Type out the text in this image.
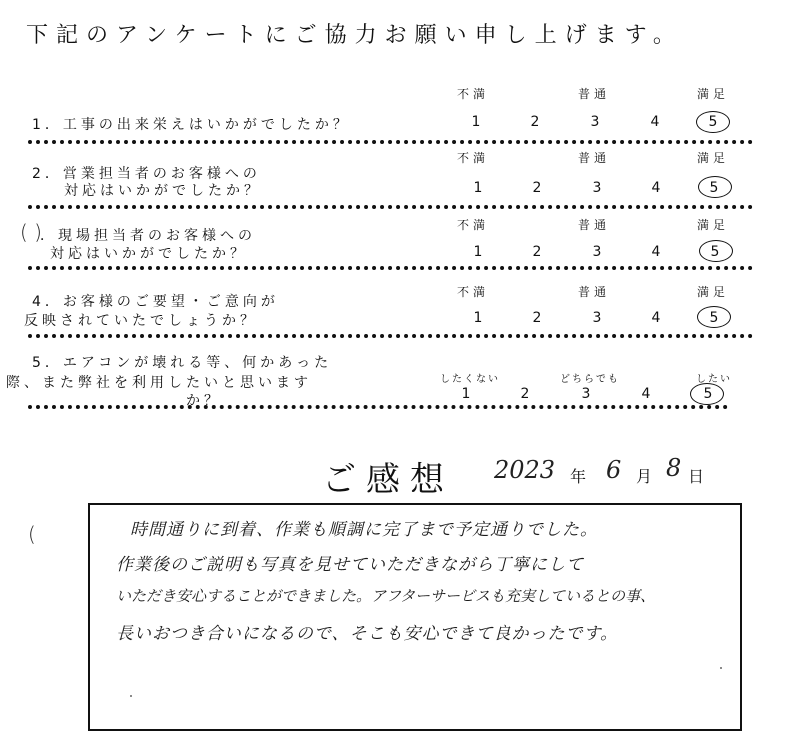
下記のアンケートにご協力お願い申し上げます。
不満	普通	満足
1．工事の出来栄えはいかがでしたか？	1	2	3	4	5
不満	普通	満足
2．営業担当者のお客様への
対応はいかがでしたか？	1	2	3	4	5
( )	不満	普通	満足
．現場担当者のお客様への
対応はいかがでしたか？	1	2	3	4	5
不満	普通	満足
4．お客様のご要望・ご意向が
反映されていたでしょうか？	1	2	3	4	5
したくない	どちらでも	したい
5．エアコンが壊れる等、何かあった
際、また弊社を利用したいと思います
か？	1	2	3	4	5
ご感想 2023 年 6 月 8 日
(	時間通りに到着、作業も順調に完了まで予定通りでした。
作業後のご説明も写真を見せていただきながら丁寧にして
いただき安心することができました。アフターサービスも充実しているとの事、
長いおつき合いになるので、そこも安心できて良かったです。
